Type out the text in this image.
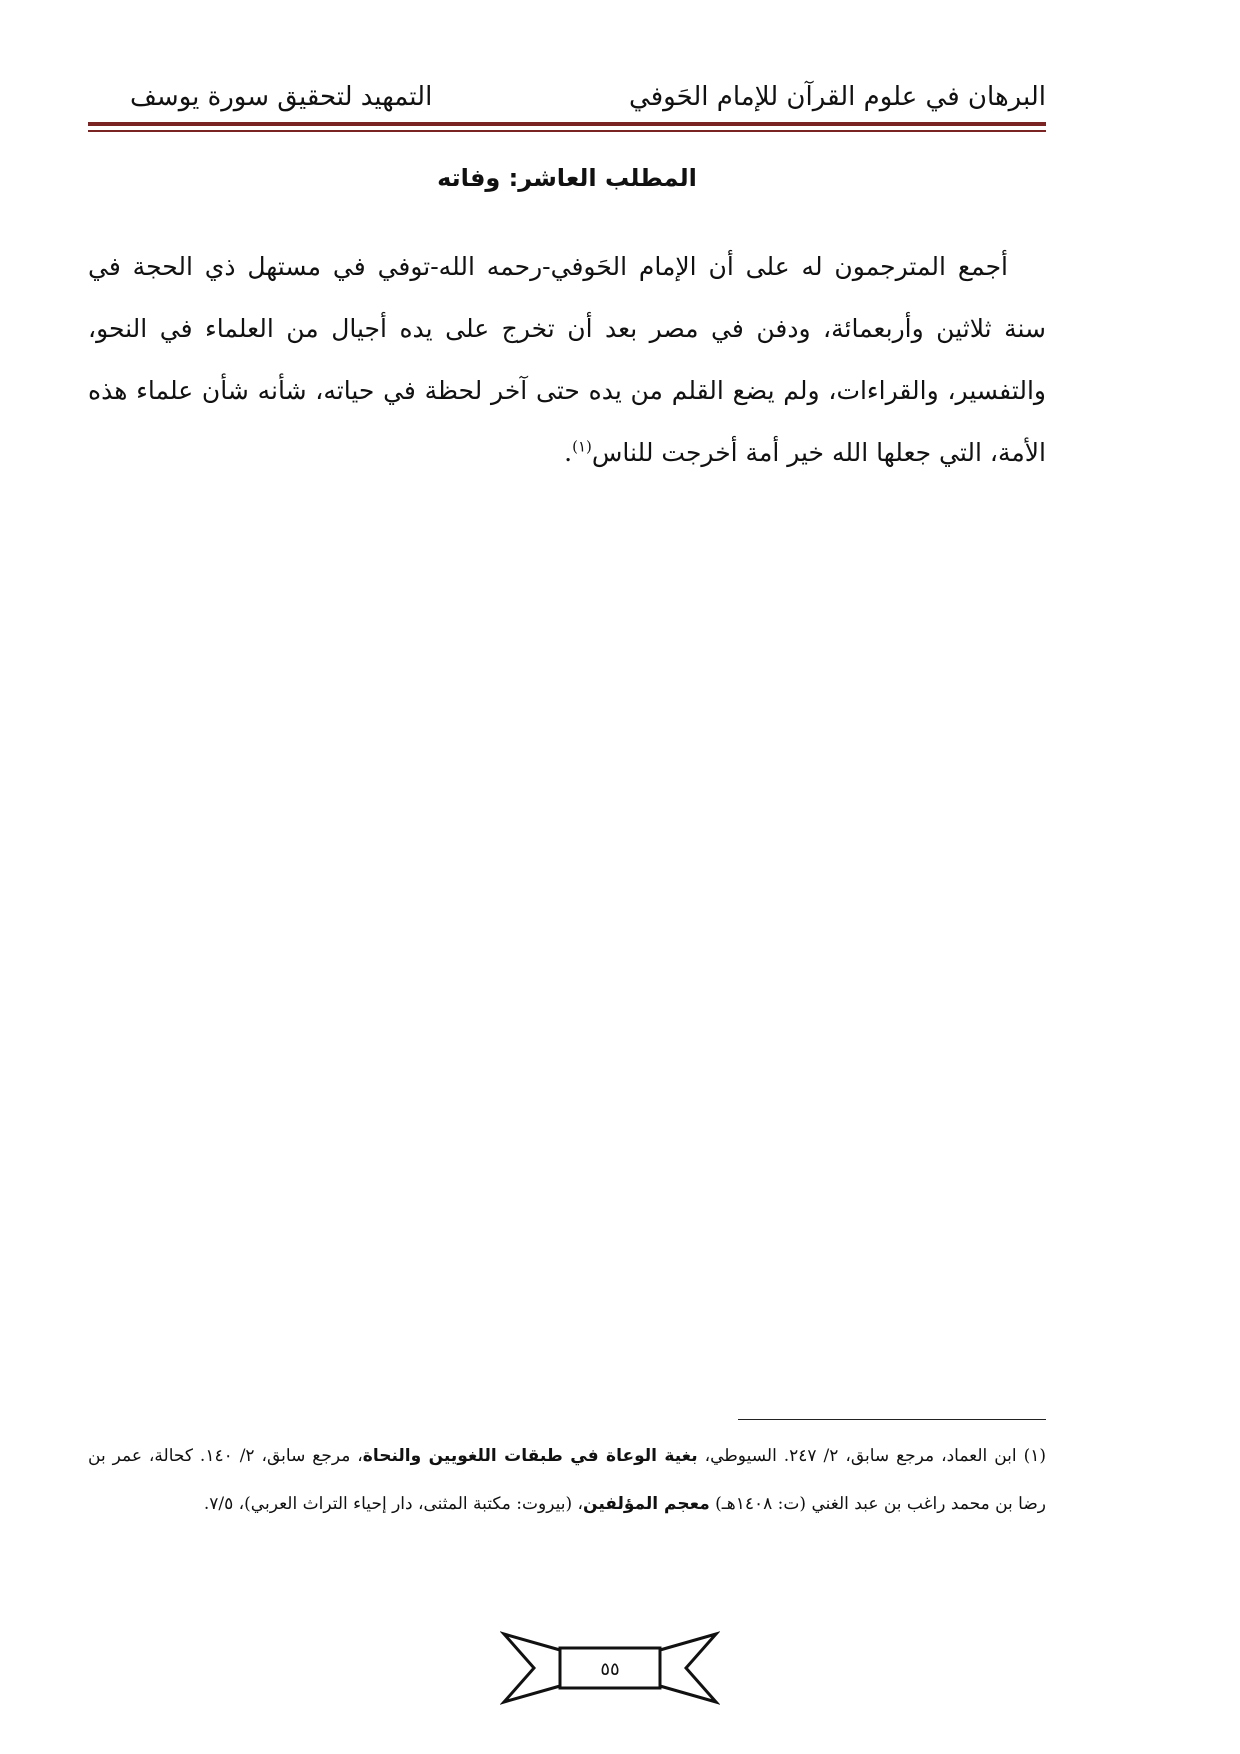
البرهان في علوم القرآن للإمام الحَوفي
التمهيد لتحقيق سورة يوسف
المطلب العاشر: وفاته

أجمع المترجمون له على أن الإمام الحَوفي-رحمه الله-توفي في مستهل ذي الحجة في سنة ثلاثين وأربعمائة، ودفن في مصر بعد أن تخرج على يده أجيال من العلماء في النحو، والتفسير، والقراءات، ولم يضع القلم من يده حتى آخر لحظة في حياته، شأنه شأن علماء هذه الأمة، التي جعلها الله خير أمة أخرجت للناس$^{(١)}$.

(١) ابن العماد، مرجع سابق، ٢/ ٢٤٧. السيوطي، بغية الوعاة في طبقات اللغويين والنحاة، مرجع سابق، ٢/ ١٤٠. كحالة، عمر بن رضا بن محمد راغب بن عبد الغني (ت: ١٤٠٨هـ) معجم المؤلفين، (بيروت: مكتبة المثنى، دار إحياء التراث العربي)، ٧/٥.

٥٥
